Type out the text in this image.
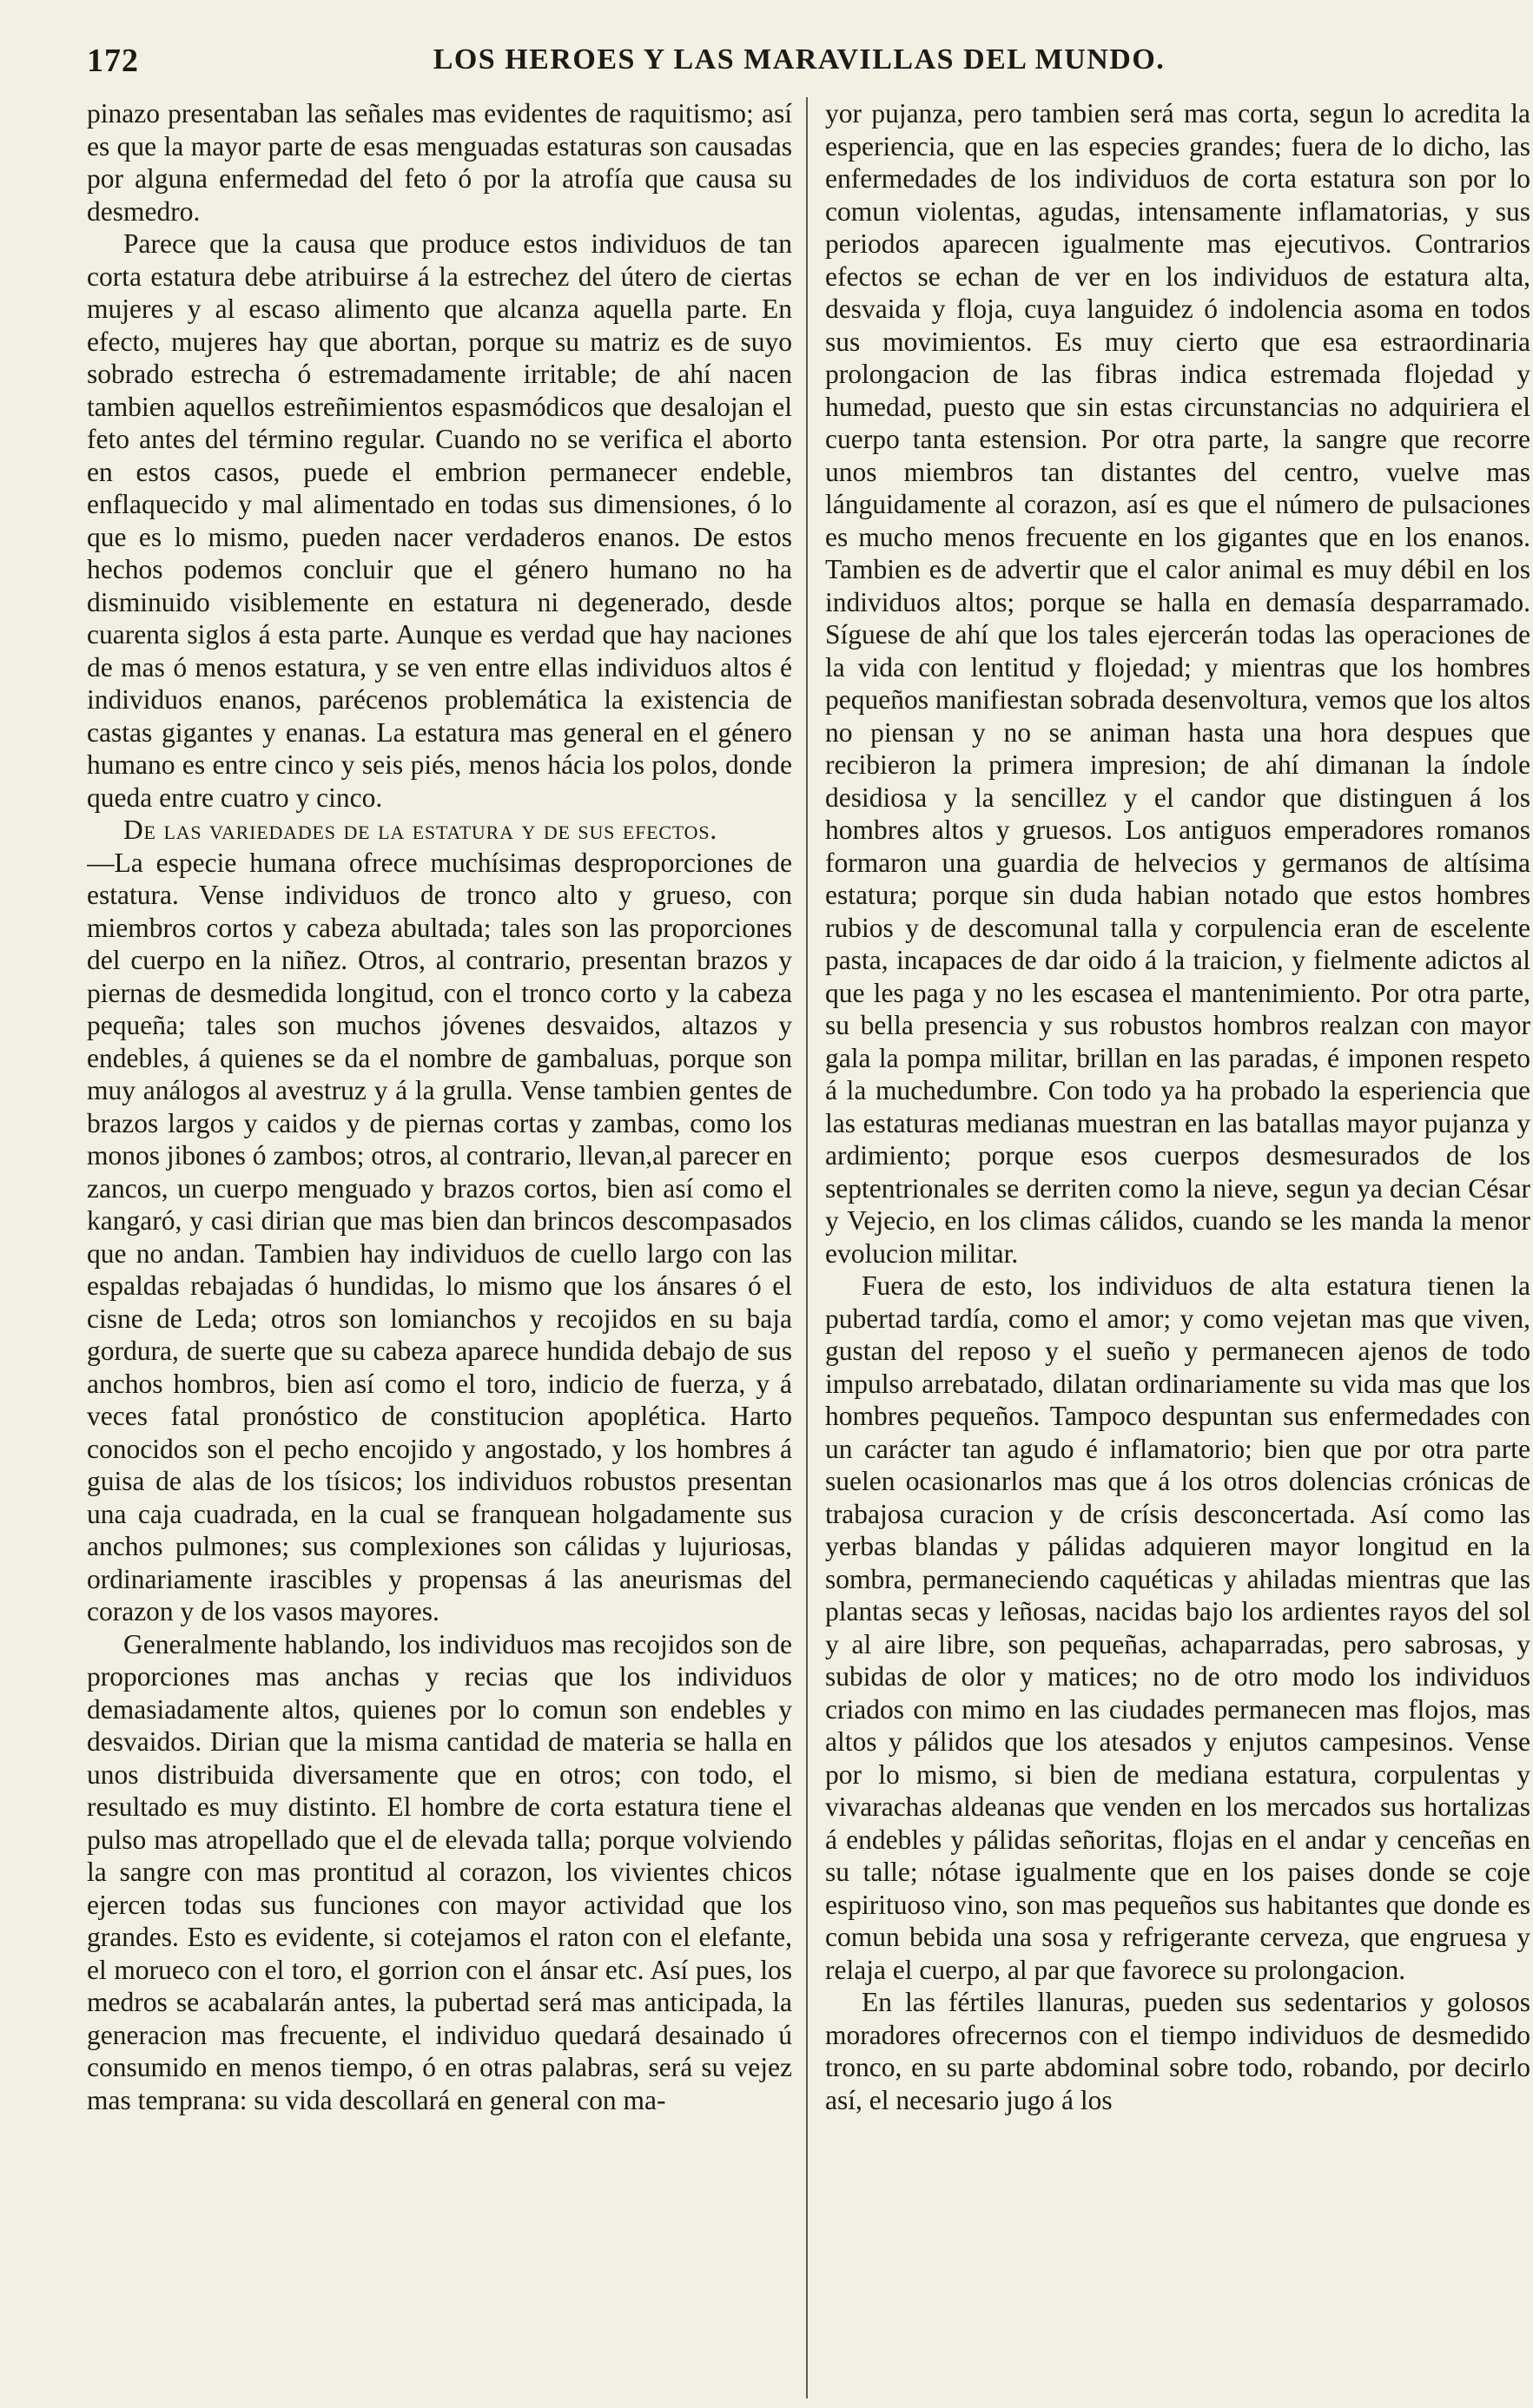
172	LOS HEROES Y LAS MARAVILLAS DEL MUNDO.

pinazo presentaban las señales mas evidentes de raquitismo; así es que la mayor parte de esas menguadas estaturas son causadas por alguna enfermedad del feto ó por la atrofía que causa su desmedro.

Parece que la causa que produce estos individuos de tan corta estatura debe atribuirse á la estrechez del útero de ciertas mujeres y al escaso alimento que alcanza aquella parte. En efecto, mujeres hay que abortan, porque su matriz es de suyo sobrado estrecha ó estremadamente irritable; de ahí nacen tambien aquellos estreñimientos espasmódicos que desalojan el feto antes del término regular. Cuando no se verifica el aborto en estos casos, puede el embrion permanecer endeble, enflaquecido y mal alimentado en todas sus dimensiones, ó lo que es lo mismo, pueden nacer verdaderos enanos. De estos hechos podemos concluir que el género humano no ha disminuido visiblemente en estatura ni degenerado, desde cuarenta siglos á esta parte. Aunque es verdad que hay naciones de mas ó menos estatura, y se ven entre ellas individuos altos é individuos enanos, parécenos problemática la existencia de castas gigantes y enanas. La estatura mas general en el género humano es entre cinco y seis piés, menos hácia los polos, donde queda entre cuatro y cinco.

De las variedades de la estatura y de sus efectos.

—La especie humana ofrece muchísimas desproporciones de estatura. Vense individuos de tronco alto y grueso, con miembros cortos y cabeza abultada; tales son las proporciones del cuerpo en la niñez. Otros, al contrario, presentan brazos y piernas de desmedida longitud, con el tronco corto y la cabeza pequeña; tales son muchos jóvenes desvaidos, altazos y endebles, á quienes se da el nombre de gambaluas, porque son muy análogos al avestruz y á la grulla. Vense tambien gentes de brazos largos y caidos y de piernas cortas y zambas, como los monos jibones ó zambos; otros, al contrario, llevan,al parecer en zancos, un cuerpo menguado y brazos cortos, bien así como el kangaró, y casi dirian que mas bien dan brincos descompasados que no andan. Tambien hay individuos de cuello largo con las espaldas rebajadas ó hundidas, lo mismo que los ánsares ó el cisne de Leda; otros son lomianchos y recojidos en su baja gordura, de suerte que su cabeza aparece hundida debajo de sus anchos hombros, bien así como el toro, indicio de fuerza, y á veces fatal pronóstico de constitucion apoplética. Harto conocidos son el pecho encojido y angostado, y los hombres á guisa de alas de los tísicos; los individuos robustos presentan una caja cuadrada, en la cual se franquean holgadamente sus anchos pulmones; sus complexiones son cálidas y lujuriosas, ordinariamente irascibles y propensas á las aneurismas del corazon y de los vasos mayores.

Generalmente hablando, los individuos mas recojidos son de proporciones mas anchas y recias que los individuos demasiadamente altos, quienes por lo comun son endebles y desvaidos. Dirian que la misma cantidad de materia se halla en unos distribuida diversamente que en otros; con todo, el resultado es muy distinto. El hombre de corta estatura tiene el pulso mas atropellado que el de elevada talla; porque volviendo la sangre con mas prontitud al corazon, los vivientes chicos ejercen todas sus funciones con mayor actividad que los grandes. Esto es evidente, si cotejamos el raton con el elefante, el morueco con el toro, el gorrion con el ánsar etc. Así pues, los medros se acabalarán antes, la pubertad será mas anticipada, la generacion mas frecuente, el individuo quedará desainado ú consumido en menos tiempo, ó en otras palabras, será su vejez mas temprana: su vida descollará en general con ma-

yor pujanza, pero tambien será mas corta, segun lo acredita la esperiencia, que en las especies grandes; fuera de lo dicho, las enfermedades de los individuos de corta estatura son por lo comun violentas, agudas, intensamente inflamatorias, y sus periodos aparecen igualmente mas ejecutivos. Contrarios efectos se echan de ver en los individuos de estatura alta, desvaida y floja, cuya languidez ó indolencia asoma en todos sus movimientos. Es muy cierto que esa estraordinaria prolongacion de las fibras indica estremada flojedad y humedad, puesto que sin estas circunstancias no adquiriera el cuerpo tanta estension. Por otra parte, la sangre que recorre unos miembros tan distantes del centro, vuelve mas lánguidamente al corazon, así es que el número de pulsaciones es mucho menos frecuente en los gigantes que en los enanos. Tambien es de advertir que el calor animal es muy débil en los individuos altos; porque se halla en demasía desparramado. Síguese de ahí que los tales ejercerán todas las operaciones de la vida con lentitud y flojedad; y mientras que los hombres pequeños manifiestan sobrada desenvoltura, vemos que los altos no piensan y no se animan hasta una hora despues que recibieron la primera impresion; de ahí dimanan la índole desidiosa y la sencillez y el candor que distinguen á los hombres altos y gruesos. Los antiguos emperadores romanos formaron una guardia de helvecios y germanos de altísima estatura; porque sin duda habian notado que estos hombres rubios y de descomunal talla y corpulencia eran de escelente pasta, incapaces de dar oido á la traicion, y fielmente adictos al que les paga y no les escasea el mantenimiento. Por otra parte, su bella presencia y sus robustos hombros realzan con mayor gala la pompa militar, brillan en las paradas, é imponen respeto á la muchedumbre. Con todo ya ha probado la esperiencia que las estaturas medianas muestran en las batallas mayor pujanza y ardimiento; porque esos cuerpos desmesurados de los septentrionales se derriten como la nieve, segun ya decian César y Vejecio, en los climas cálidos, cuando se les manda la menor evolucion militar.

Fuera de esto, los individuos de alta estatura tienen la pubertad tardía, como el amor; y como vejetan mas que viven, gustan del reposo y el sueño y permanecen ajenos de todo impulso arrebatado, dilatan ordinariamente su vida mas que los hombres pequeños. Tampoco despuntan sus enfermedades con un carácter tan agudo é inflamatorio; bien que por otra parte suelen ocasionarlos mas que á los otros dolencias crónicas de trabajosa curacion y de crísis desconcertada. Así como las yerbas blandas y pálidas adquieren mayor longitud en la sombra, permaneciendo caquéticas y ahiladas mientras que las plantas secas y leñosas, nacidas bajo los ardientes rayos del sol y al aire libre, son pequeñas, achaparradas, pero sabrosas, y subidas de olor y matices; no de otro modo los individuos criados con mimo en las ciudades permanecen mas flojos, mas altos y pálidos que los atesados y enjutos campesinos. Vense por lo mismo, si bien de mediana estatura, corpulentas y vivarachas aldeanas que venden en los mercados sus hortalizas á endebles y pálidas señoritas, flojas en el andar y cenceñas en su talle; nótase igualmente que en los paises donde se coje espirituoso vino, son mas pequeños sus habitantes que donde es comun bebida una sosa y refrigerante cerveza, que engruesa y relaja el cuerpo, al par que favorece su prolongacion.

En las fértiles llanuras, pueden sus sedentarios y golosos moradores ofrecernos con el tiempo individuos de desmedido tronco, en su parte abdominal sobre todo, robando, por decirlo así, el necesario jugo á los
